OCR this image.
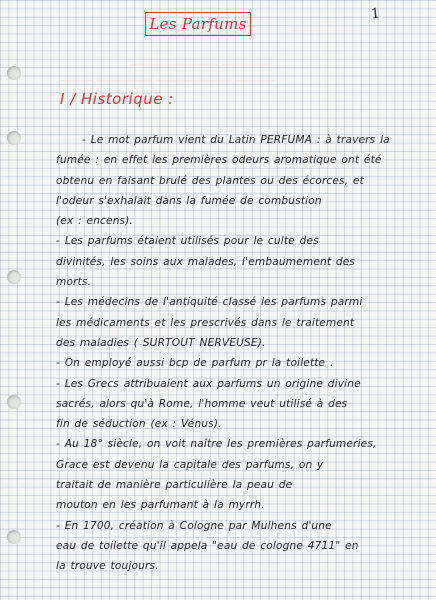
_______ _____
________________ _________
______ __________ ______________ _______
1
Les Parfums
I / Historique :
- Le mot parfum vient du Latin PERFUMA : à travers la
fumée : en effet les premières odeurs aromatique ont été
obtenu en faisant brulé des plantes ou des écorces, et
l'odeur s'exhalait dans la fumée de combustion
(ex : encens).
- Les parfums étaient utilisés pour le culte des
divinités, les soins aux malades, l'embaumement des
morts.
- Les médecins de l'antiquité classé les parfums parmi
les médicaments et les prescrivés dans le traitement
des maladies ( SURTOUT NERVEUSE).
- On employé aussi bcp de parfum pr la toilette .
- Les Grecs attribuaient aux parfums un origine divine
sacrés, alors qu'à Rome, l'homme veut utilisé à des
fin de séduction (ex : Vénus).
- Au 18° siècle, on voit naître les premières parfumeries,
Grace est devenu la capitale des parfums, on y
traitait de manière particulière la peau de
mouton en les parfumant à la myrrh.
- En 1700, création à Cologne par Mulhens d'une
eau de toilette qu'il appela "eau de cologne 4711" en
la trouve toujours.
